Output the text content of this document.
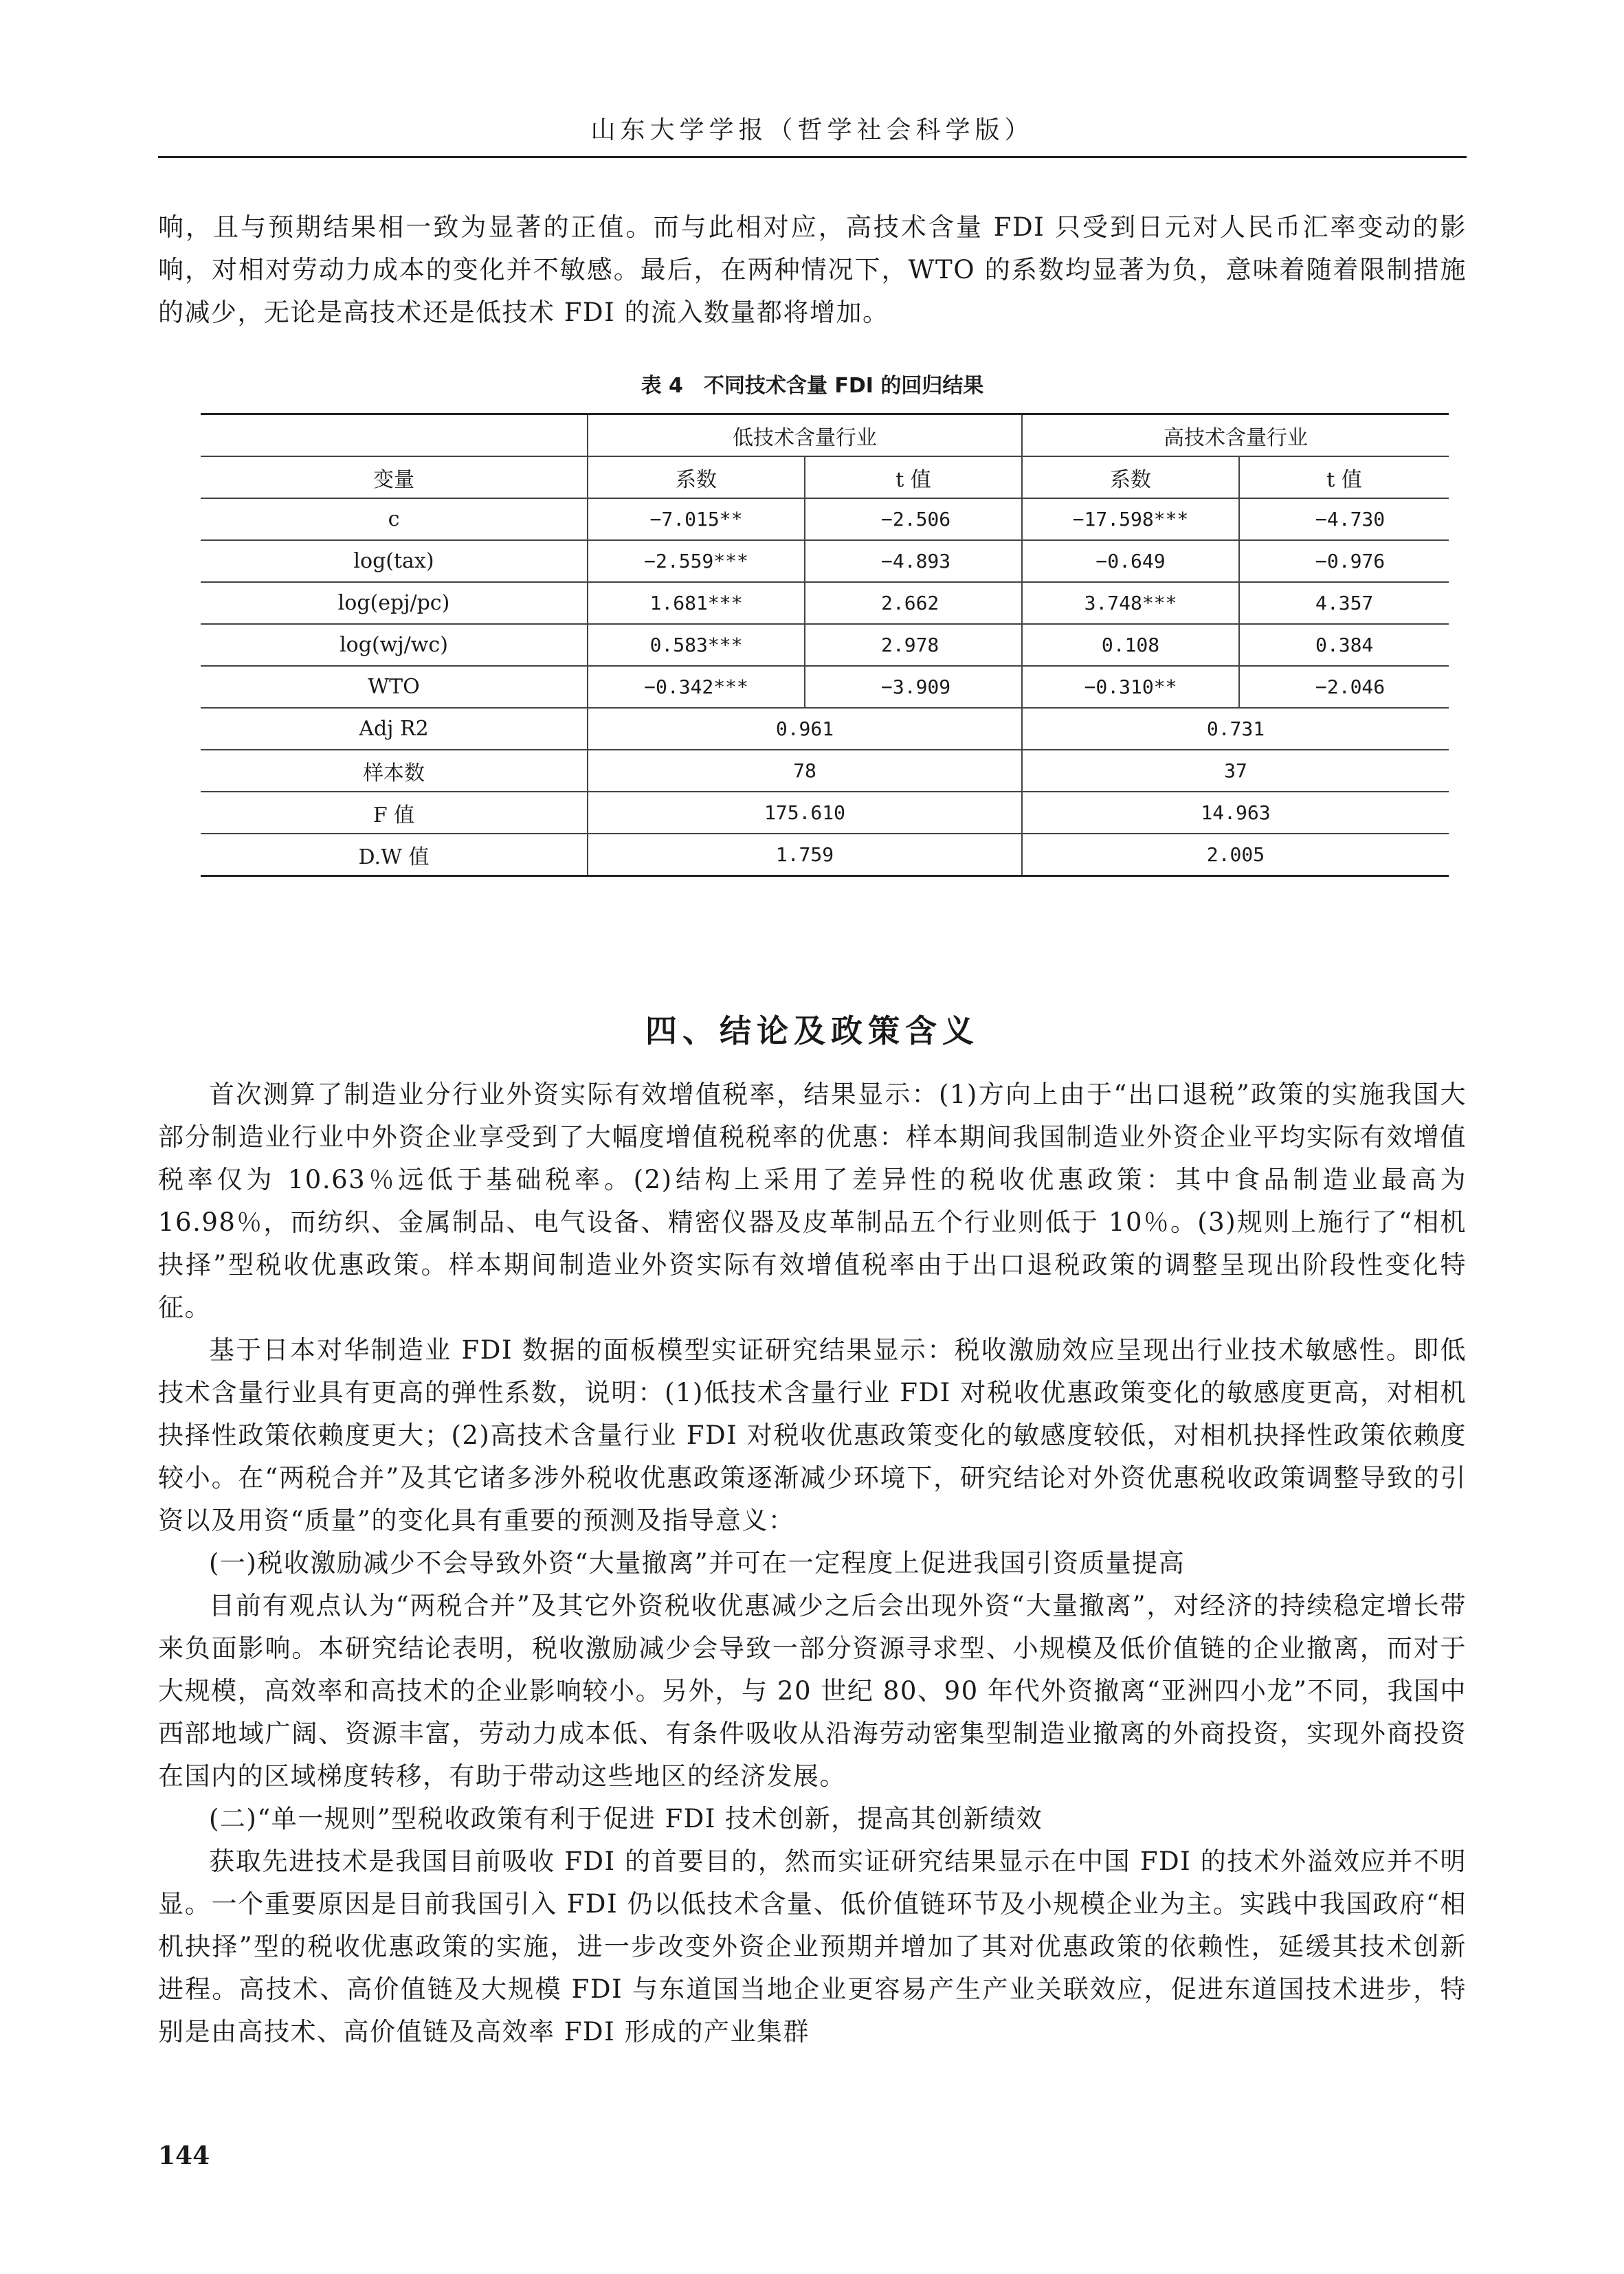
山东大学学报（哲学社会科学版）

响，且与预期结果相一致为显著的正值。而与此相对应，高技术含量 FDI 只受到日元对人民币汇率变动的影响，对相对劳动力成本的变化并不敏感。最后，在两种情况下，WTO 的系数均显著为负，意味着随着限制措施的减少，无论是高技术还是低技术 FDI 的流入数量都将增加。

表 4　不同技术含量 FDI 的回归结果
	低技术含量行业		高技术含量行业	
变量	系数	t 值	系数	t 值
c	−7.015**	−2.506	−17.598***	−4.730
log(tax)	−2.559***	−4.893	−0.649	−0.976
log(epj/pc)	1.681***	2.662	3.748***	4.357
log(wj/wc)	0.583***	2.978	0.108	0.384
WTO	−0.342***	−3.909	−0.310**	−2.046
Adj R2	0.961		0.731	
样本数	78		37	
F 值	175.610		14.963	
D.W 值	1.759		2.005	
四、结论及政策含义

首次测算了制造业分行业外资实际有效增值税率，结果显示：(1)方向上由于“出口退税”政策的实施我国大部分制造业行业中外资企业享受到了大幅度增值税税率的优惠：样本期间我国制造业外资企业平均实际有效增值税率仅为 10.63％远低于基础税率。(2)结构上采用了差异性的税收优惠政策：其中食品制造业最高为 16.98％，而纺织、金属制品、电气设备、精密仪器及皮革制品五个行业则低于 10％。(3)规则上施行了“相机抉择”型税收优惠政策。样本期间制造业外资实际有效增值税率由于出口退税政策的调整呈现出阶段性变化特征。

基于日本对华制造业 FDI 数据的面板模型实证研究结果显示：税收激励效应呈现出行业技术敏感性。即低技术含量行业具有更高的弹性系数，说明：(1)低技术含量行业 FDI 对税收优惠政策变化的敏感度更高，对相机抉择性政策依赖度更大；(2)高技术含量行业 FDI 对税收优惠政策变化的敏感度较低，对相机抉择性政策依赖度较小。在“两税合并”及其它诸多涉外税收优惠政策逐渐减少环境下，研究结论对外资优惠税收政策调整导致的引资以及用资“质量”的变化具有重要的预测及指导意义：

(一)税收激励减少不会导致外资“大量撤离”并可在一定程度上促进我国引资质量提高

目前有观点认为“两税合并”及其它外资税收优惠减少之后会出现外资“大量撤离”，对经济的持续稳定增长带来负面影响。本研究结论表明，税收激励减少会导致一部分资源寻求型、小规模及低价值链的企业撤离，而对于大规模，高效率和高技术的企业影响较小。另外，与 20 世纪 80、90 年代外资撤离“亚洲四小龙”不同，我国中西部地域广阔、资源丰富，劳动力成本低、有条件吸收从沿海劳动密集型制造业撤离的外商投资，实现外商投资在国内的区域梯度转移，有助于带动这些地区的经济发展。

(二)“单一规则”型税收政策有利于促进 FDI 技术创新，提高其创新绩效

获取先进技术是我国目前吸收 FDI 的首要目的，然而实证研究结果显示在中国 FDI 的技术外溢效应并不明显。一个重要原因是目前我国引入 FDI 仍以低技术含量、低价值链环节及小规模企业为主。实践中我国政府“相机抉择”型的税收优惠政策的实施，进一步改变外资企业预期并增加了其对优惠政策的依赖性，延缓其技术创新进程。高技术、高价值链及大规模 FDI 与东道国当地企业更容易产生产业关联效应，促进东道国技术进步，特别是由高技术、高价值链及高效率 FDI 形成的产业集群

144
